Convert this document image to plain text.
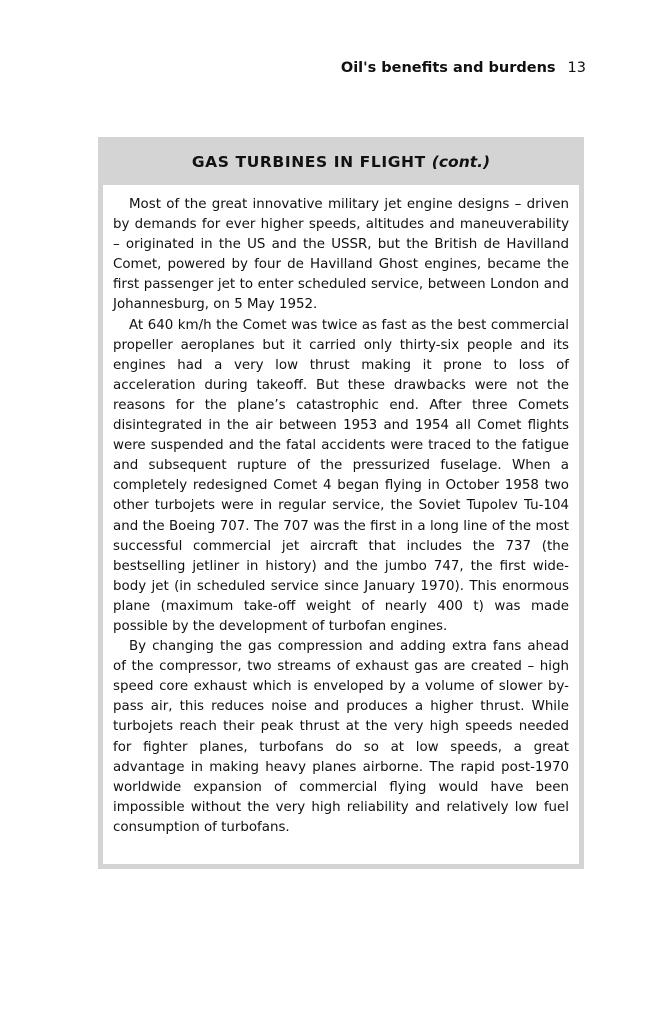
Oil's benefits and burdens 13
GAS TURBINES IN FLIGHT (cont.)

Most of the great innovative military jet engine designs – driven by demands for ever higher speeds, altitudes and maneuverability – originated in the US and the USSR, but the British de Havilland Comet, powered by four de Havilland Ghost engines, became the first passenger jet to enter scheduled service, between London and Johannesburg, on 5 May 1952.

At 640 km/h the Comet was twice as fast as the best commercial propeller aeroplanes but it carried only thirty-six people and its engines had a very low thrust making it prone to loss of acceleration during takeoff. But these drawbacks were not the reasons for the plane’s catastrophic end. After three Comets disintegrated in the air between 1953 and 1954 all Comet flights were suspended and the fatal accidents were traced to the fatigue and subsequent rupture of the pressurized fuselage. When a completely redesigned Comet 4 began flying in October 1958 two other turbojets were in regular service, the Soviet Tupolev Tu-104 and the Boeing 707. The 707 was the first in a long line of the most successful commercial jet aircraft that includes the 737 (the bestselling jetliner in history) and the jumbo 747, the first wide-body jet (in scheduled service since January 1970). This enormous plane (maximum take-off weight of nearly 400 t) was made possible by the development of turbofan engines.

By changing the gas compression and adding extra fans ahead of the compressor, two streams of exhaust gas are created – high speed core exhaust which is enveloped by a volume of slower by-pass air, this reduces noise and produces a higher thrust. While turbojets reach their peak thrust at the very high speeds needed for fighter planes, turbofans do so at low speeds, a great advantage in making heavy planes airborne. The rapid post-1970 worldwide expansion of commercial flying would have been impossible without the very high reliability and relatively low fuel consumption of turbofans.
